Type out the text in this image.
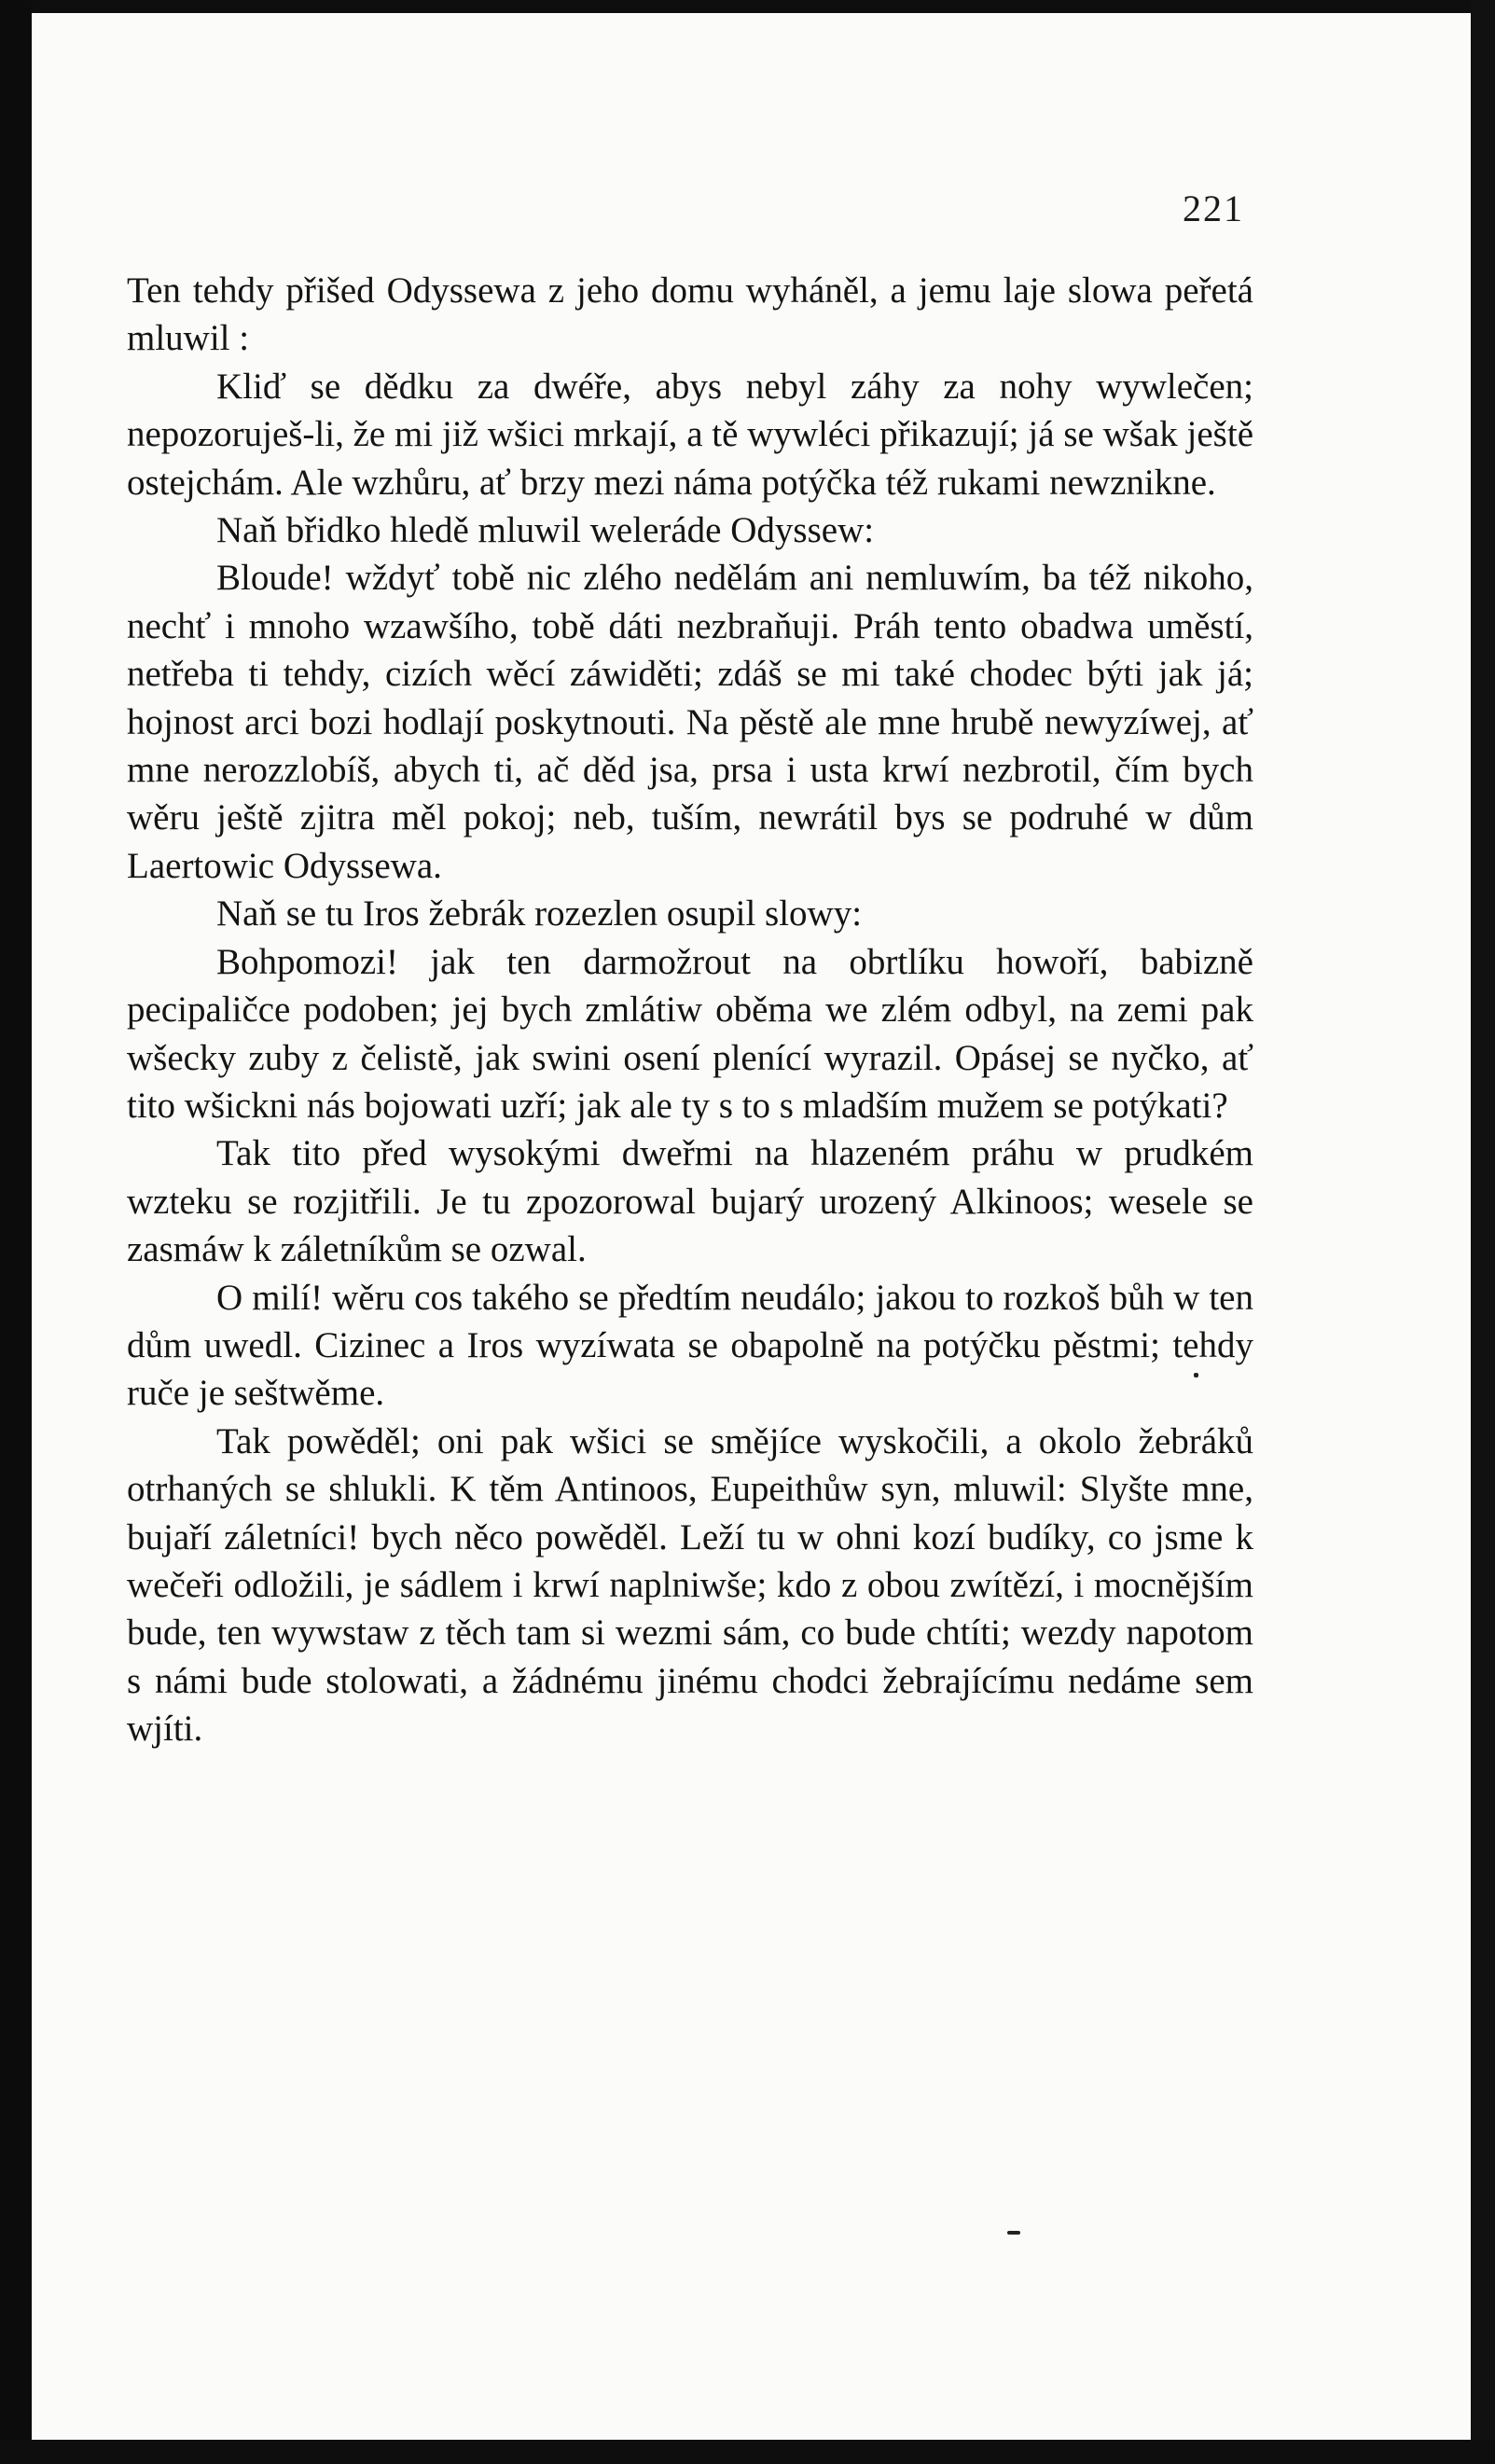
221

Ten tehdy přišed Odyssewa z jeho domu wyháněl, a jemu laje slowa peřetá mluwil :

Kliď se dědku za dwéře, abys nebyl záhy za nohy wywlečen; nepozoruješ-li, že mi již wšici mrkají, a tě wywléci přikazují; já se wšak ještě ostejchám. Ale wzhůru, ať brzy mezi náma potýčka též rukami newznikne.

Naň břidko hledě mluwil weleráde Odyssew:

Bloude! wždyť tobě nic zlého nedělám ani nemluwím, ba též nikoho, nechť i mnoho wzawšího, tobě dáti nezbraňuji. Práh tento obadwa uměstí, netřeba ti tehdy, cizích wěcí záwiděti; zdáš se mi také chodec býti jak já; hojnost arci bozi hodlají poskytnouti. Na pěstě ale mne hrubě newyzíwej, ať mne nerozzlobíš, abych ti, ač děd jsa, prsa i usta krwí nezbrotil, čím bych wěru ještě zjitra měl pokoj; neb, tuším, newrátil bys se podruhé w dům Laertowic Odyssewa.

Naň se tu Iros žebrák rozezlen osupil slowy:

Bohpomozi! jak ten darmožrout na obrtlíku howoří, babizně pecipaličce podoben; jej bych zmlátiw oběma we zlém odbyl, na zemi pak wšecky zuby z čelistě, jak swini osení plenící wyrazil. Opásej se nyčko, ať tito wšickni nás bojowati uzří; jak ale ty s to s mladším mužem se potýkati?

Tak tito před wysokými dweřmi na hlazeném práhu w prudkém wzteku se rozjitřili. Je tu zpozorowal bujarý urozený Alkinoos; wesele se zasmáw k záletníkům se ozwal.

O milí! wěru cos takého se předtím neudálo; jakou to rozkoš bůh w ten dům uwedl. Cizinec a Iros wyzíwata se obapolně na potýčku pěstmi; tehdy ruče je seštwěme.

Tak powěděl; oni pak wšici se smějíce wyskočili, a okolo žebráků otrhaných se shlukli. K těm Antinoos, Eupeithůw syn, mluwil: Slyšte mne, bujaří záletníci! bych něco powěděl. Leží tu w ohni kozí budíky, co jsme k wečeři odložili, je sádlem i krwí naplniwše; kdo z obou zwítězí, i mocnějším bude, ten wywstaw z těch tam si wezmi sám, co bude chtíti; wezdy napotom s námi bude stolowati, a žádnému jinému chodci žebrajícímu nedáme sem wjíti.
